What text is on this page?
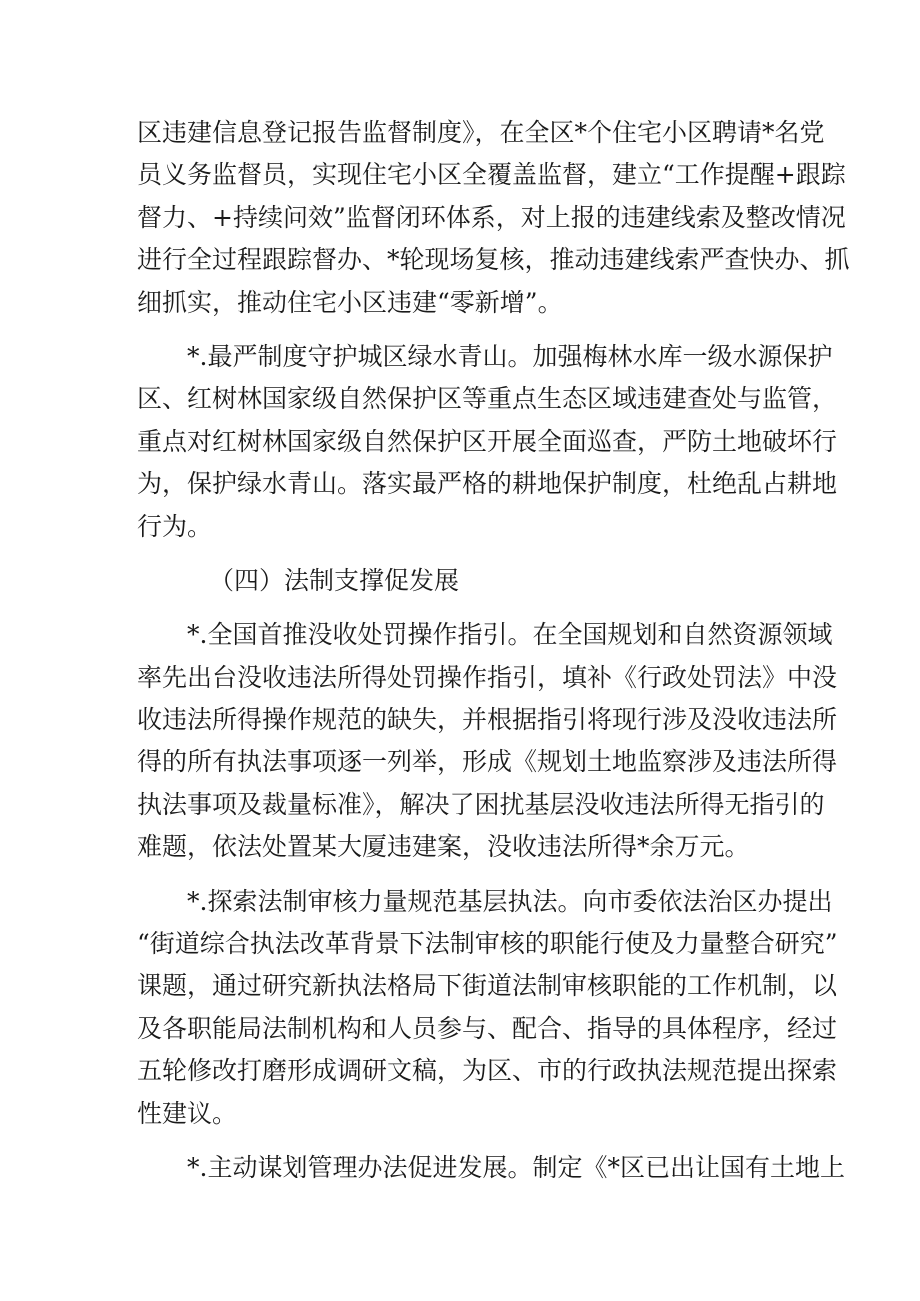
区违建信息登记报告监督制度》，在全区*个住宅小区聘请*名党
员义务监督员，实现住宅小区全覆盖监督，建立“工作提醒+跟踪
督力、+持续问效”监督闭环体系，对上报的违建线索及整改情况
进行全过程跟踪督办、*轮现场复核，推动违建线索严查快办、抓
细抓实，推动住宅小区违建“零新增”。
*.最严制度守护城区绿水青山。加强梅林水库一级水源保护
区、红树林国家级自然保护区等重点生态区域违建查处与监管，
重点对红树林国家级自然保护区开展全面巡查，严防土地破坏行
为，保护绿水青山。落实最严格的耕地保护制度，杜绝乱占耕地
行为。
（四）法制支撑促发展
*.全国首推没收处罚操作指引。在全国规划和自然资源领域
率先出台没收违法所得处罚操作指引，填补《行政处罚法》中没
收违法所得操作规范的缺失，并根据指引将现行涉及没收违法所
得的所有执法事项逐一列举，形成《规划土地监察涉及违法所得
执法事项及裁量标准》，解决了困扰基层没收违法所得无指引的
难题，依法处置某大厦违建案，没收违法所得*余万元。
*.探索法制审核力量规范基层执法。向市委依法治区办提出
“街道综合执法改革背景下法制审核的职能行使及力量整合研究”
课题，通过研究新执法格局下街道法制审核职能的工作机制，以
及各职能局法制机构和人员参与、配合、指导的具体程序，经过
五轮修改打磨形成调研文稿，为区、市的行政执法规范提出探索
性建议。
*.主动谋划管理办法促进发展。制定《*区已出让国有土地上
